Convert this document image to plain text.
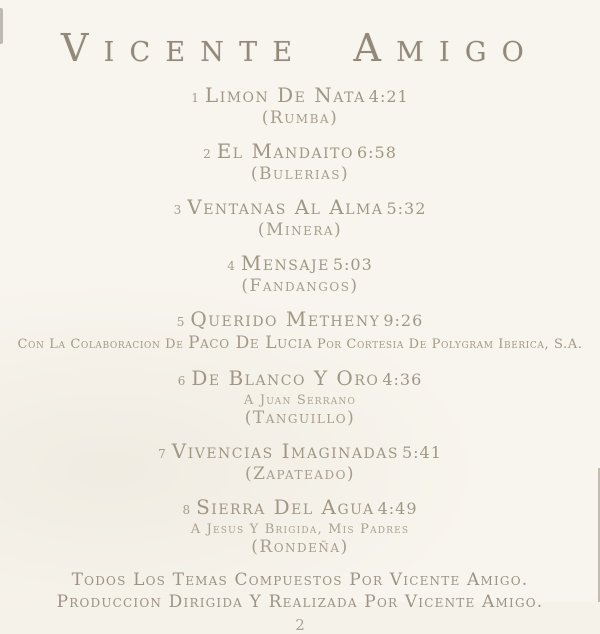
Vicente Amigo
1 Limon De Nata 4:21
(Rumba)
2 El Mandaito 6:58
(Bulerias)
3 Ventanas Al Alma 5:32
(Minera)
4 Mensaje 5:03
(Fandangos)
5 Querido Metheny 9:26
Con La Colaboracion De Paco De Lucia Por Cortesia De Polygram Iberica, S.A.
6 De Blanco Y Oro 4:36
A Juan Serrano
(Tanguillo)
7 Vivencias Imaginadas 5:41
(Zapateado)
8 Sierra Del Agua 4:49
A Jesus Y Brigida, Mis Padres
(Rondeña)
Todos Los Temas Compuestos Por Vicente Amigo.
Produccion Dirigida Y Realizada Por Vicente Amigo.
2
